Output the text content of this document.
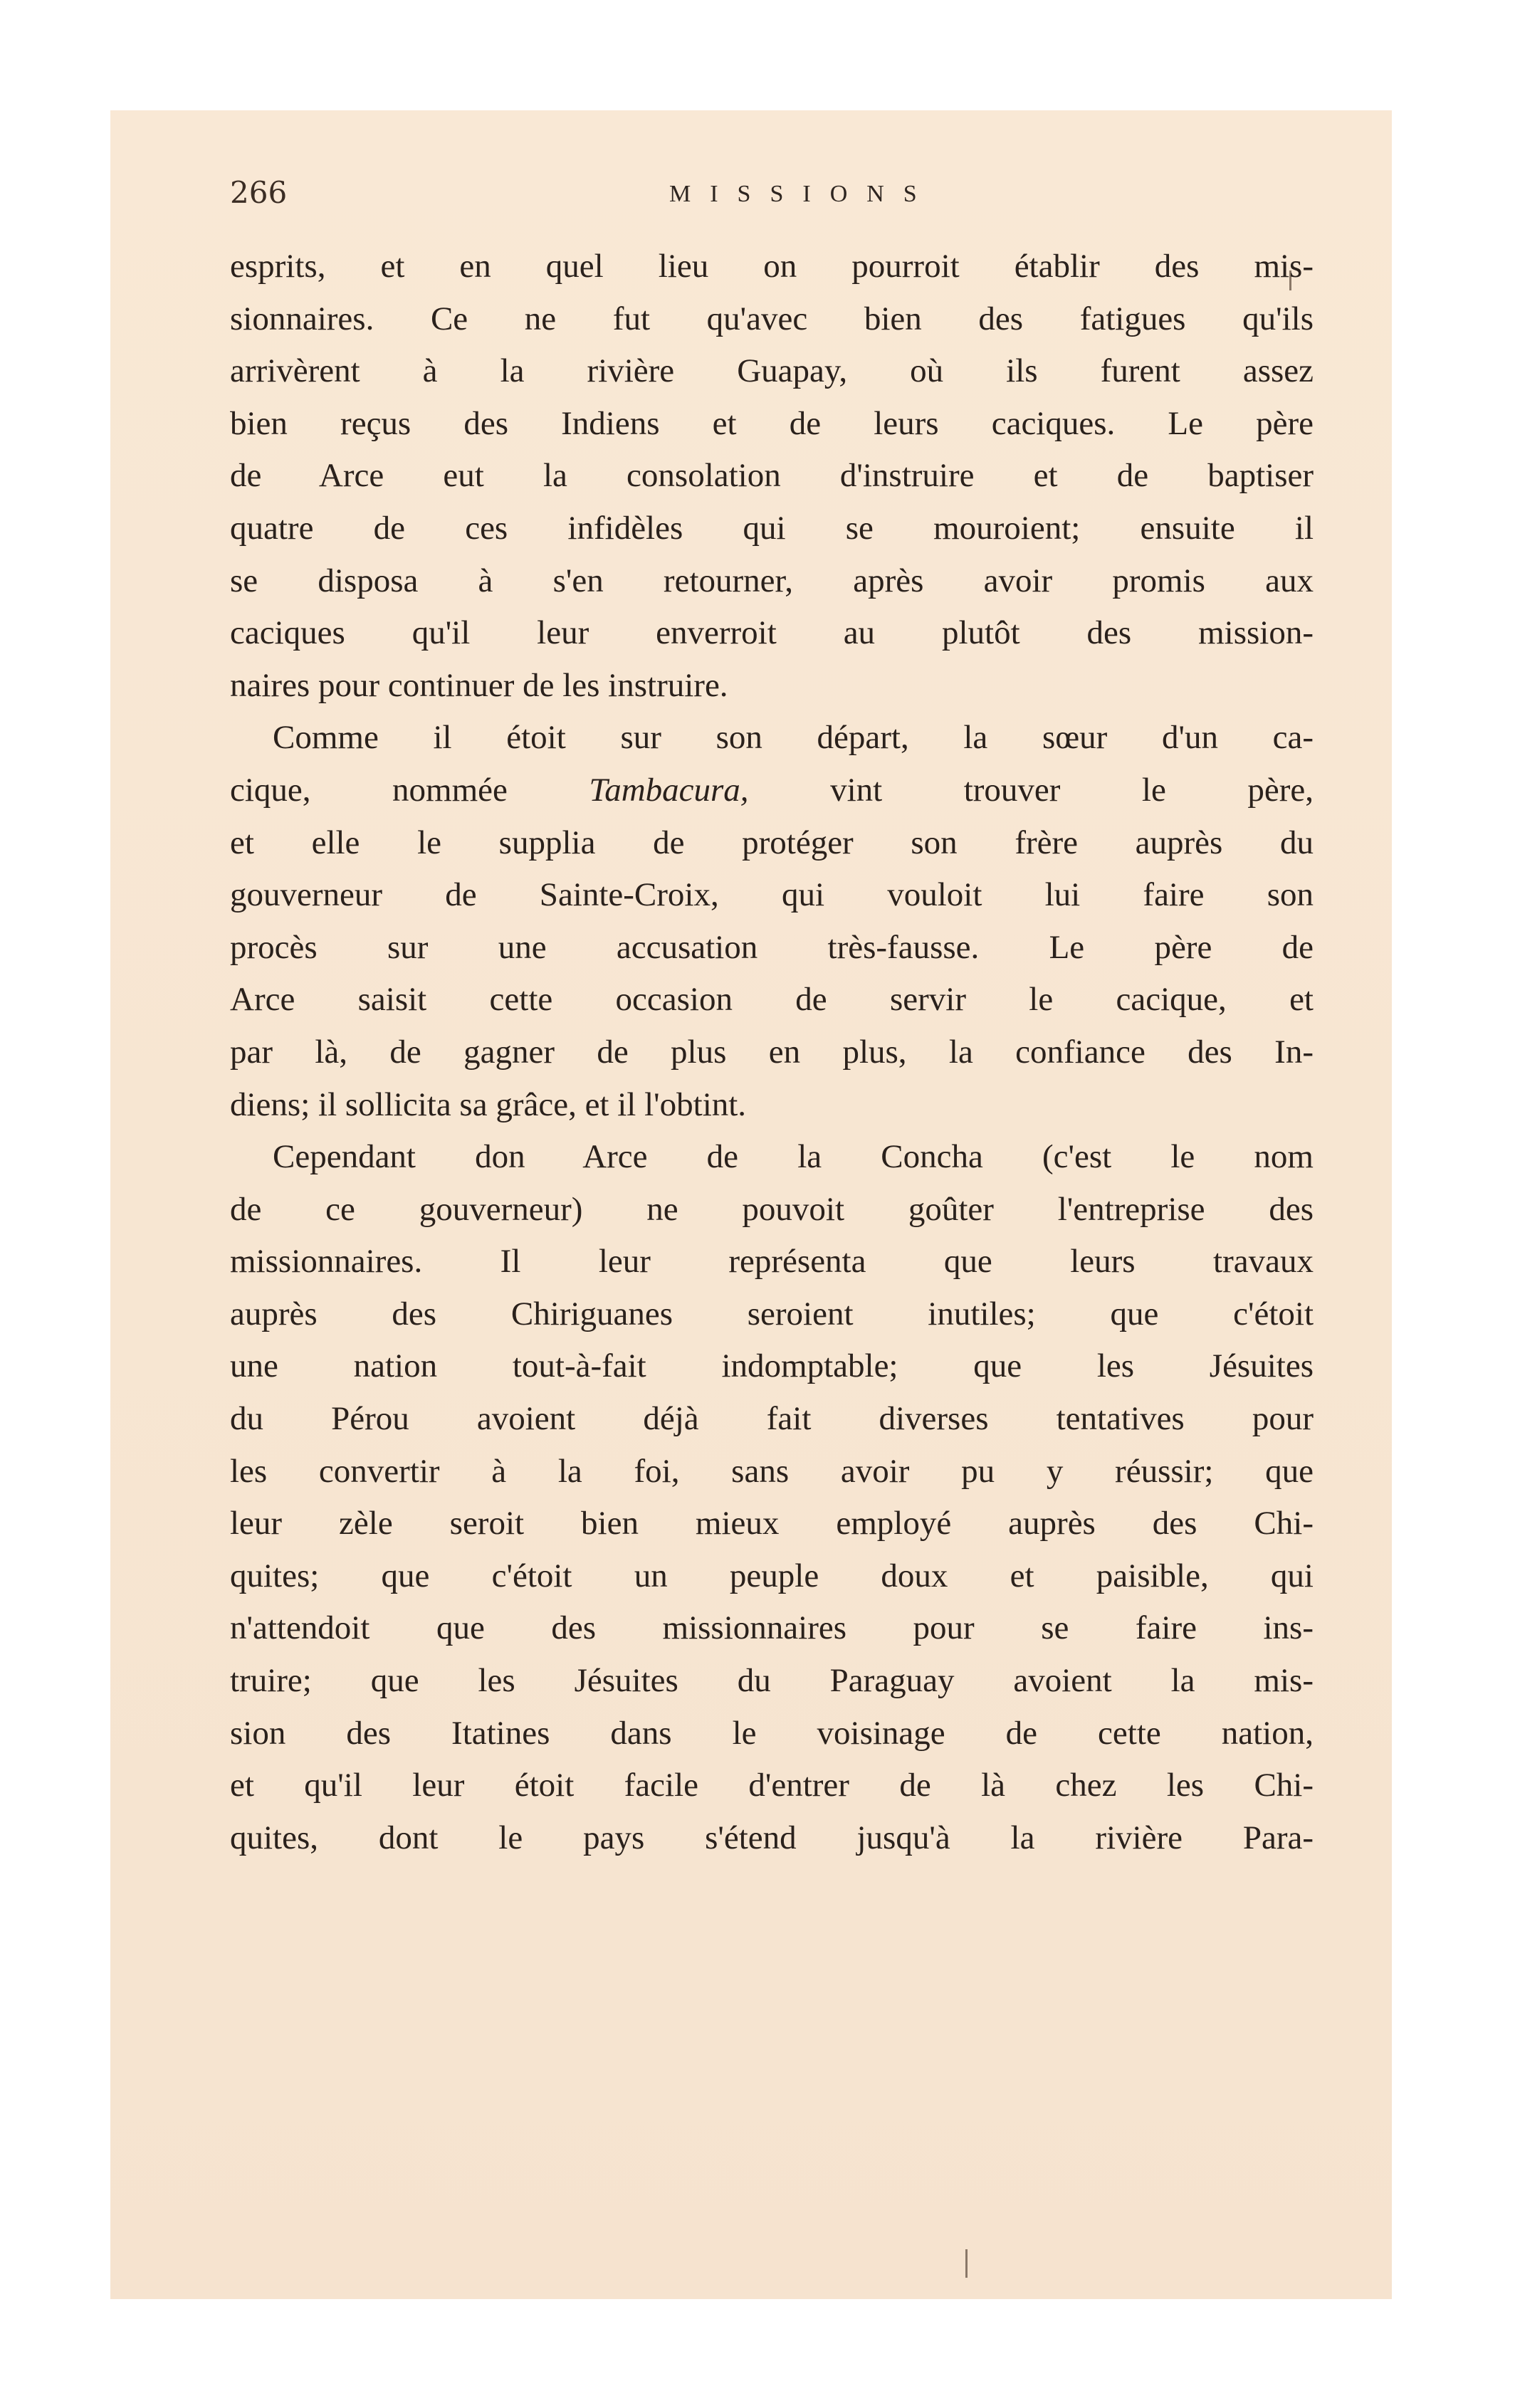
266	MISSIONS
esprits, et en quel lieu on pourroit établir des mis-
sionnaires. Ce ne fut qu'avec bien des fatigues qu'ils
arrivèrent à la rivière Guapay, où ils furent assez
bien reçus des Indiens et de leurs caciques. Le père
de Arce eut la consolation d'instruire et de baptiser
quatre de ces infidèles qui se mouroient; ensuite il
se disposa à s'en retourner, après avoir promis aux
caciques qu'il leur enverroit au plutôt des mission-
naires pour continuer de les instruire.
Comme il étoit sur son départ, la sœur d'un ca-
cique, nommée Tambacura, vint trouver le père,
et elle le supplia de protéger son frère auprès du
gouverneur de Sainte-Croix, qui vouloit lui faire son
procès sur une accusation très-fausse. Le père de
Arce saisit cette occasion de servir le cacique, et
par là, de gagner de plus en plus, la confiance des In-
diens; il sollicita sa grâce, et il l'obtint.
Cependant don Arce de la Concha (c'est le nom
de ce gouverneur) ne pouvoit goûter l'entreprise des
missionnaires. Il leur représenta que leurs travaux
auprès des Chiriguanes seroient inutiles; que c'étoit
une nation tout-à-fait indomptable; que les Jésuites
du Pérou avoient déjà fait diverses tentatives pour
les convertir à la foi, sans avoir pu y réussir; que
leur zèle seroit bien mieux employé auprès des Chi-
quites; que c'étoit un peuple doux et paisible, qui
n'attendoit que des missionnaires pour se faire ins-
truire; que les Jésuites du Paraguay avoient la mis-
sion des Itatines dans le voisinage de cette nation,
et qu'il leur étoit facile d'entrer de là chez les Chi-
quites, dont le pays s'étend jusqu'à la rivière Para-
